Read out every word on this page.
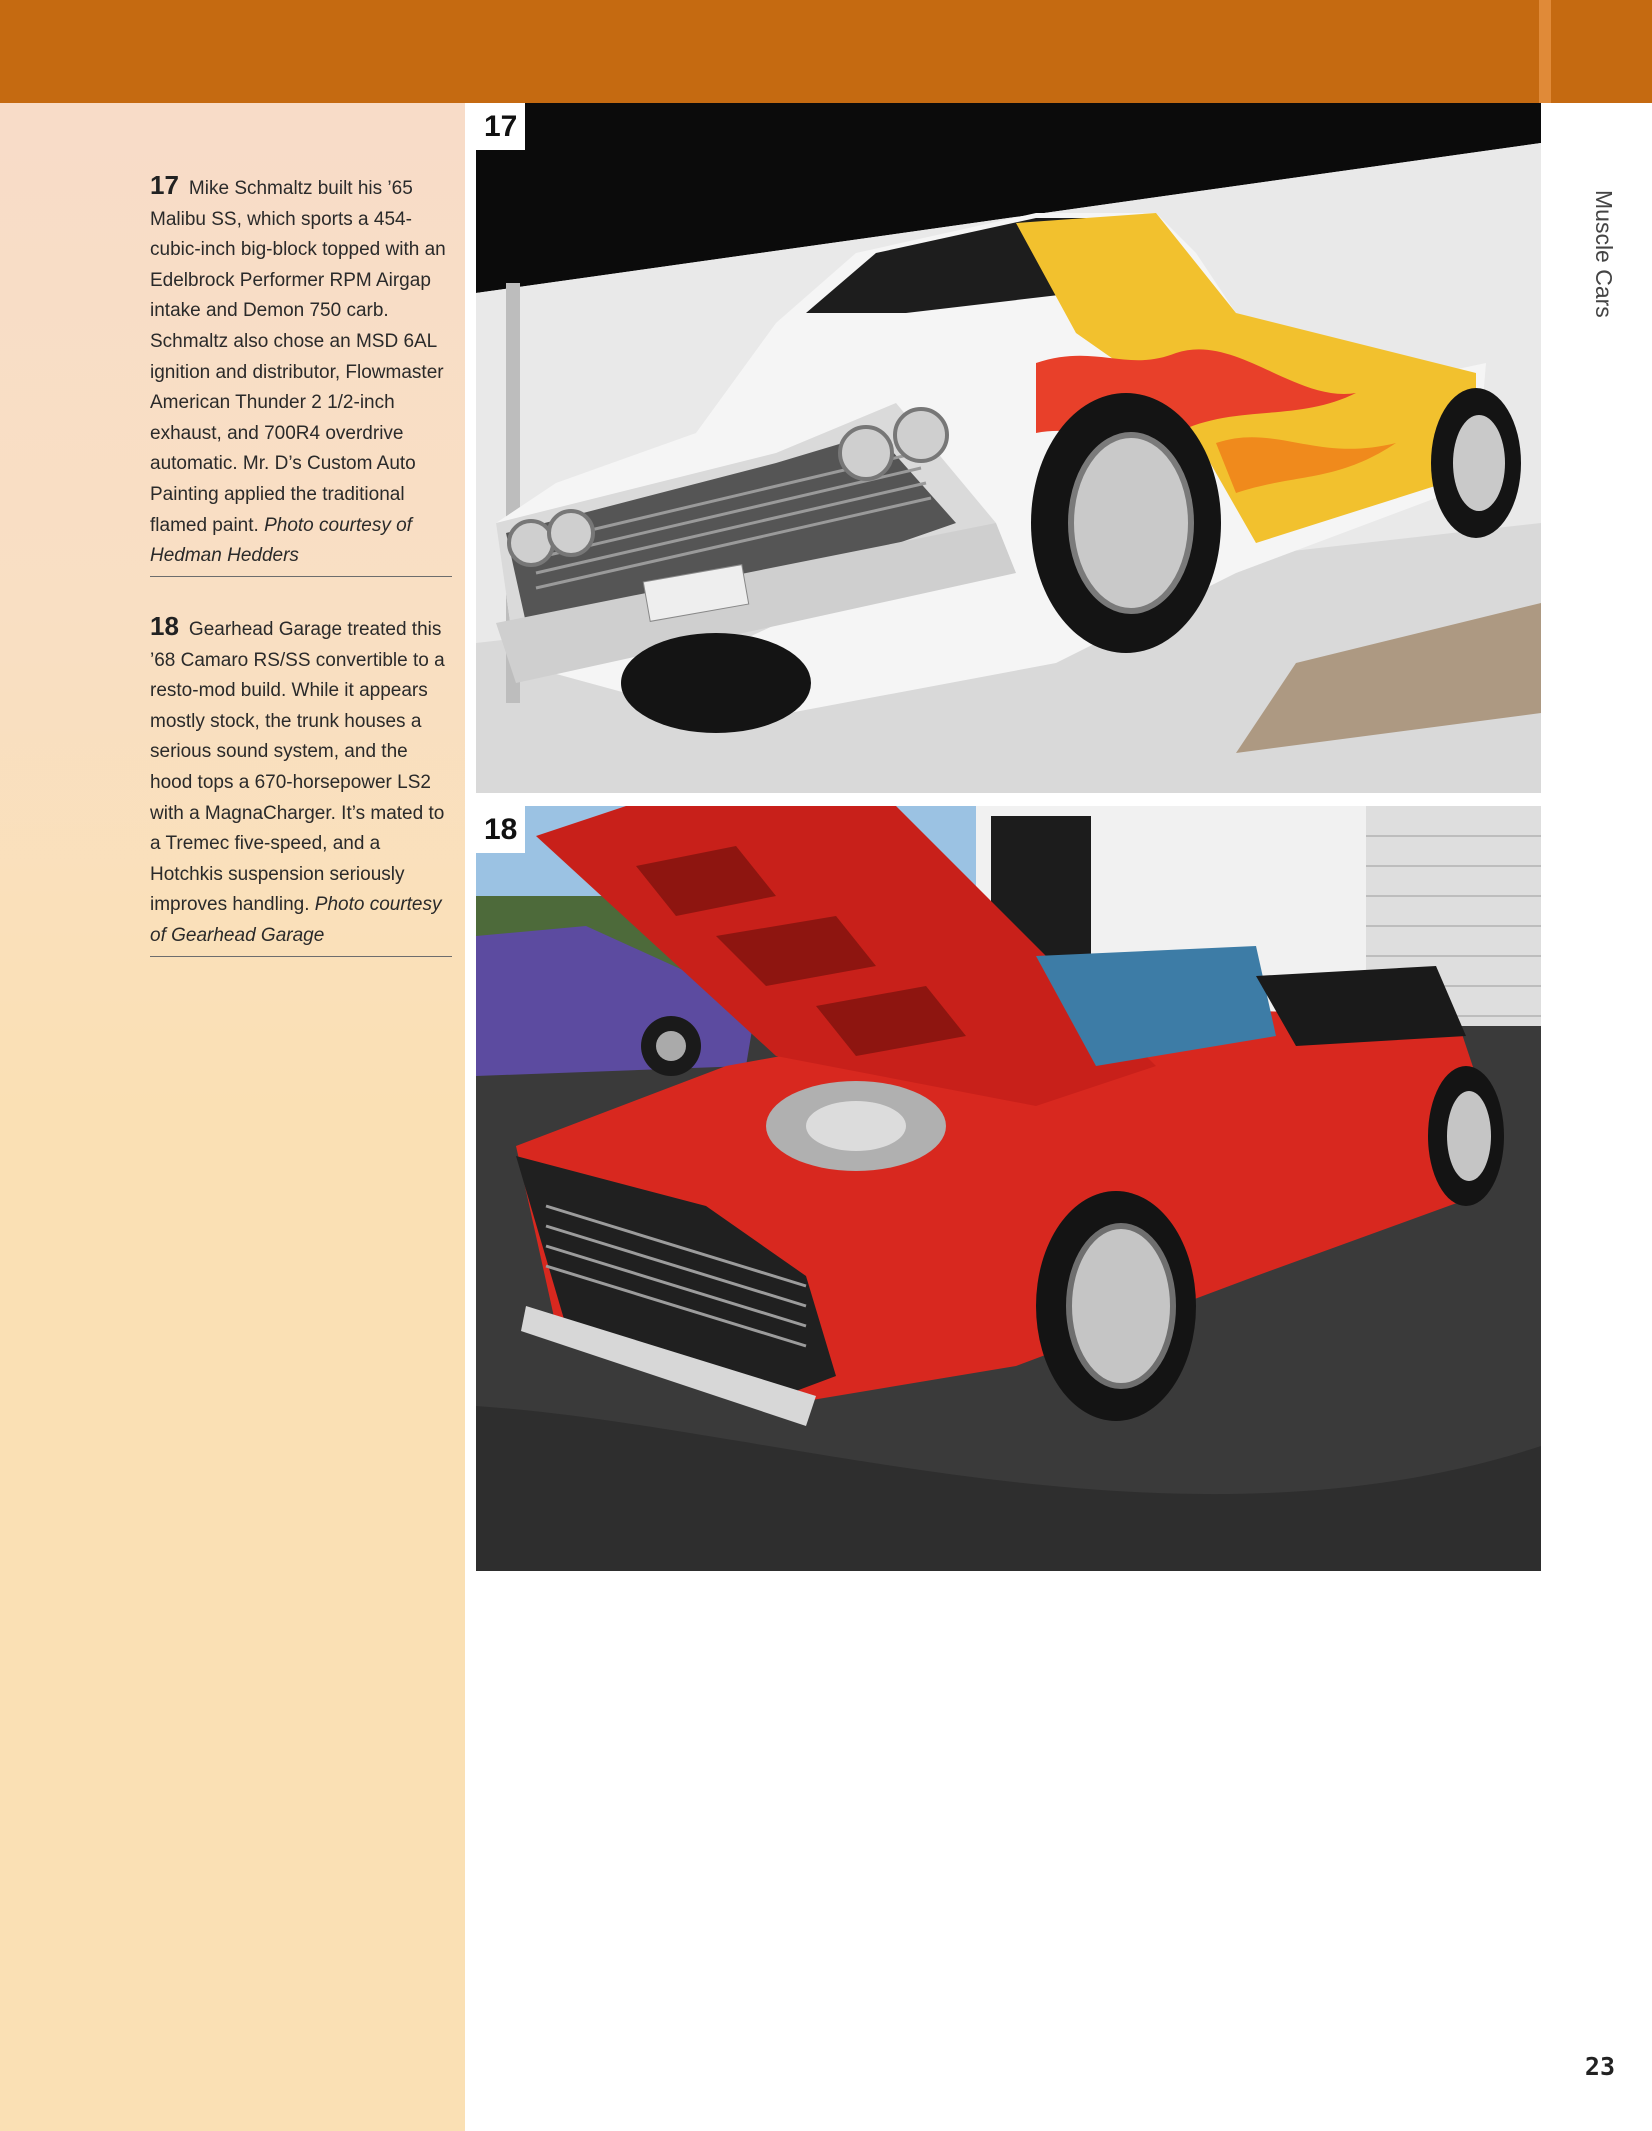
17 Mike Schmaltz built his ’65 Malibu SS, which sports a 454-cubic-inch big-block topped with an Edelbrock Performer RPM Airgap intake and Demon 750 carb. Schmaltz also chose an MSD 6AL ignition and distributor, Flowmaster American Thunder 2 1/2-inch exhaust, and 700R4 overdrive automatic. Mr. D’s Custom Auto Painting applied the traditional flamed paint. Photo courtesy of Hedman Hedders
18 Gearhead Garage treated this ’68 Camaro RS/SS convertible to a resto-mod build. While it appears mostly stock, the trunk houses a serious sound system, and the hood tops a 670-horsepower LS2 with a MagnaCharger. It’s mated to a Tremec five-speed, and a Hotchkis suspension seriously improves handling. Photo courtesy of Gearhead Garage
17
18
Muscle Cars
23
